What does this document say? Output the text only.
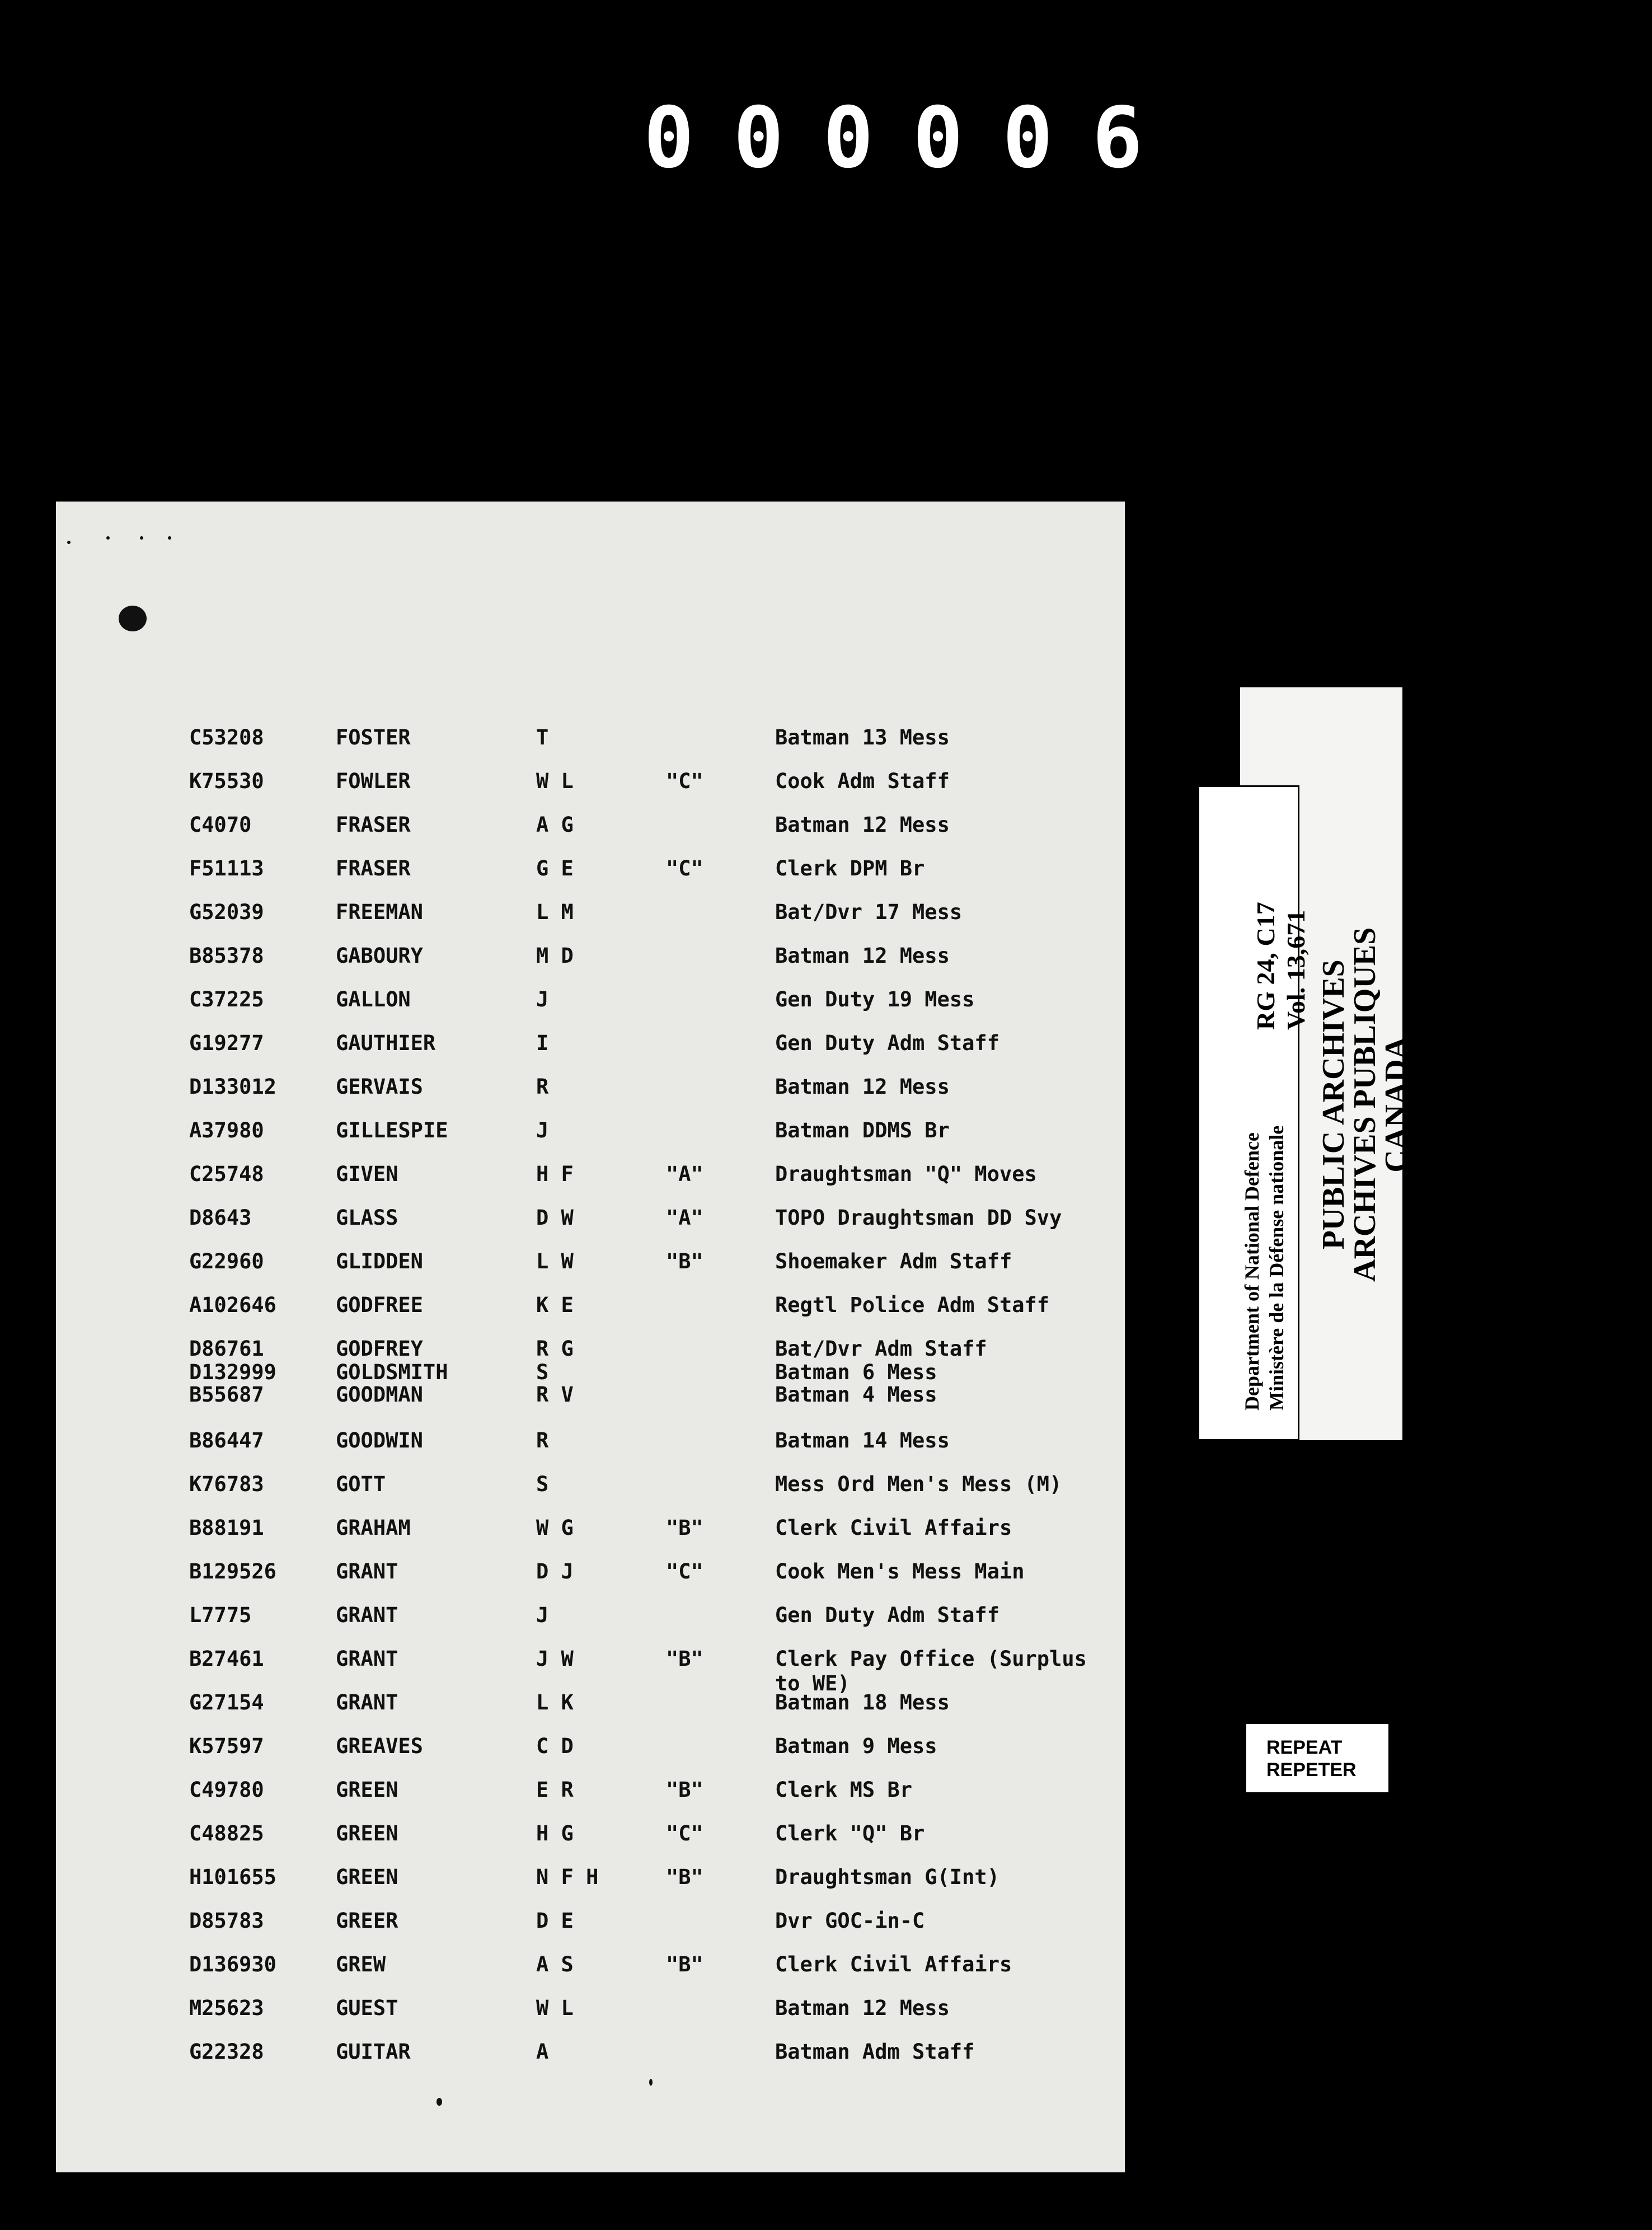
000006
C53208	FOSTER	T	Batman 13 Mess
K75530	FOWLER	W L	"C"	Cook Adm Staff
C4070	FRASER	A G	Batman 12 Mess
F51113	FRASER	G E	"C"	Clerk DPM Br
G52039	FREEMAN	L M	Bat/Dvr 17 Mess
B85378	GABOURY	M D	Batman 12 Mess
C37225	GALLON	J	Gen Duty 19 Mess
G19277	GAUTHIER	I	Gen Duty Adm Staff
D133012	GERVAIS	R	Batman 12 Mess
A37980	GILLESPIE	J	Batman DDMS Br
C25748	GIVEN	H F	"A"	Draughtsman "Q" Moves
D8643	GLASS	D W	"A"	TOPO Draughtsman DD Svy
G22960	GLIDDEN	L W	"B"	Shoemaker Adm Staff
A102646	GODFREE	K E	Regtl Police Adm Staff
D86761	GODFREY	R G	Bat/Dvr Adm Staff
D132999	GOLDSMITH	S	Batman 6 Mess
B55687	GOODMAN	R V	Batman 4 Mess
B86447	GOODWIN	R	Batman 14 Mess
K76783	GOTT	S	Mess Ord Men's Mess (M)
B88191	GRAHAM	W G	"B"	Clerk Civil Affairs
B129526	GRANT	D J	"C"	Cook Men's Mess Main
L7775	GRANT	J	Gen Duty Adm Staff
B27461	GRANT	J W	"B"	Clerk Pay Office (Surplus to WE)
G27154	GRANT	L K	Batman 18 Mess
K57597	GREAVES	C D	Batman 9 Mess
C49780	GREEN	E R	"B"	Clerk MS Br
C48825	GREEN	H G	"C"	Clerk "Q" Br
H101655	GREEN	N F H	"B"	Draughtsman G(Int)
D85783	GREER	D E	Dvr GOC-in-C
D136930	GREW	A S	"B"	Clerk Civil Affairs
M25623	GUEST	W L	Batman 12 Mess
G22328	GUITAR	A	Batman Adm Staff
RG 24, C17 Vol. 13,671
Department of National Defence Ministère de la Défense nationale
PUBLIC ARCHIVES
ARCHIVES PUBLIQUES
CANADA
REPEAT
REPETER
